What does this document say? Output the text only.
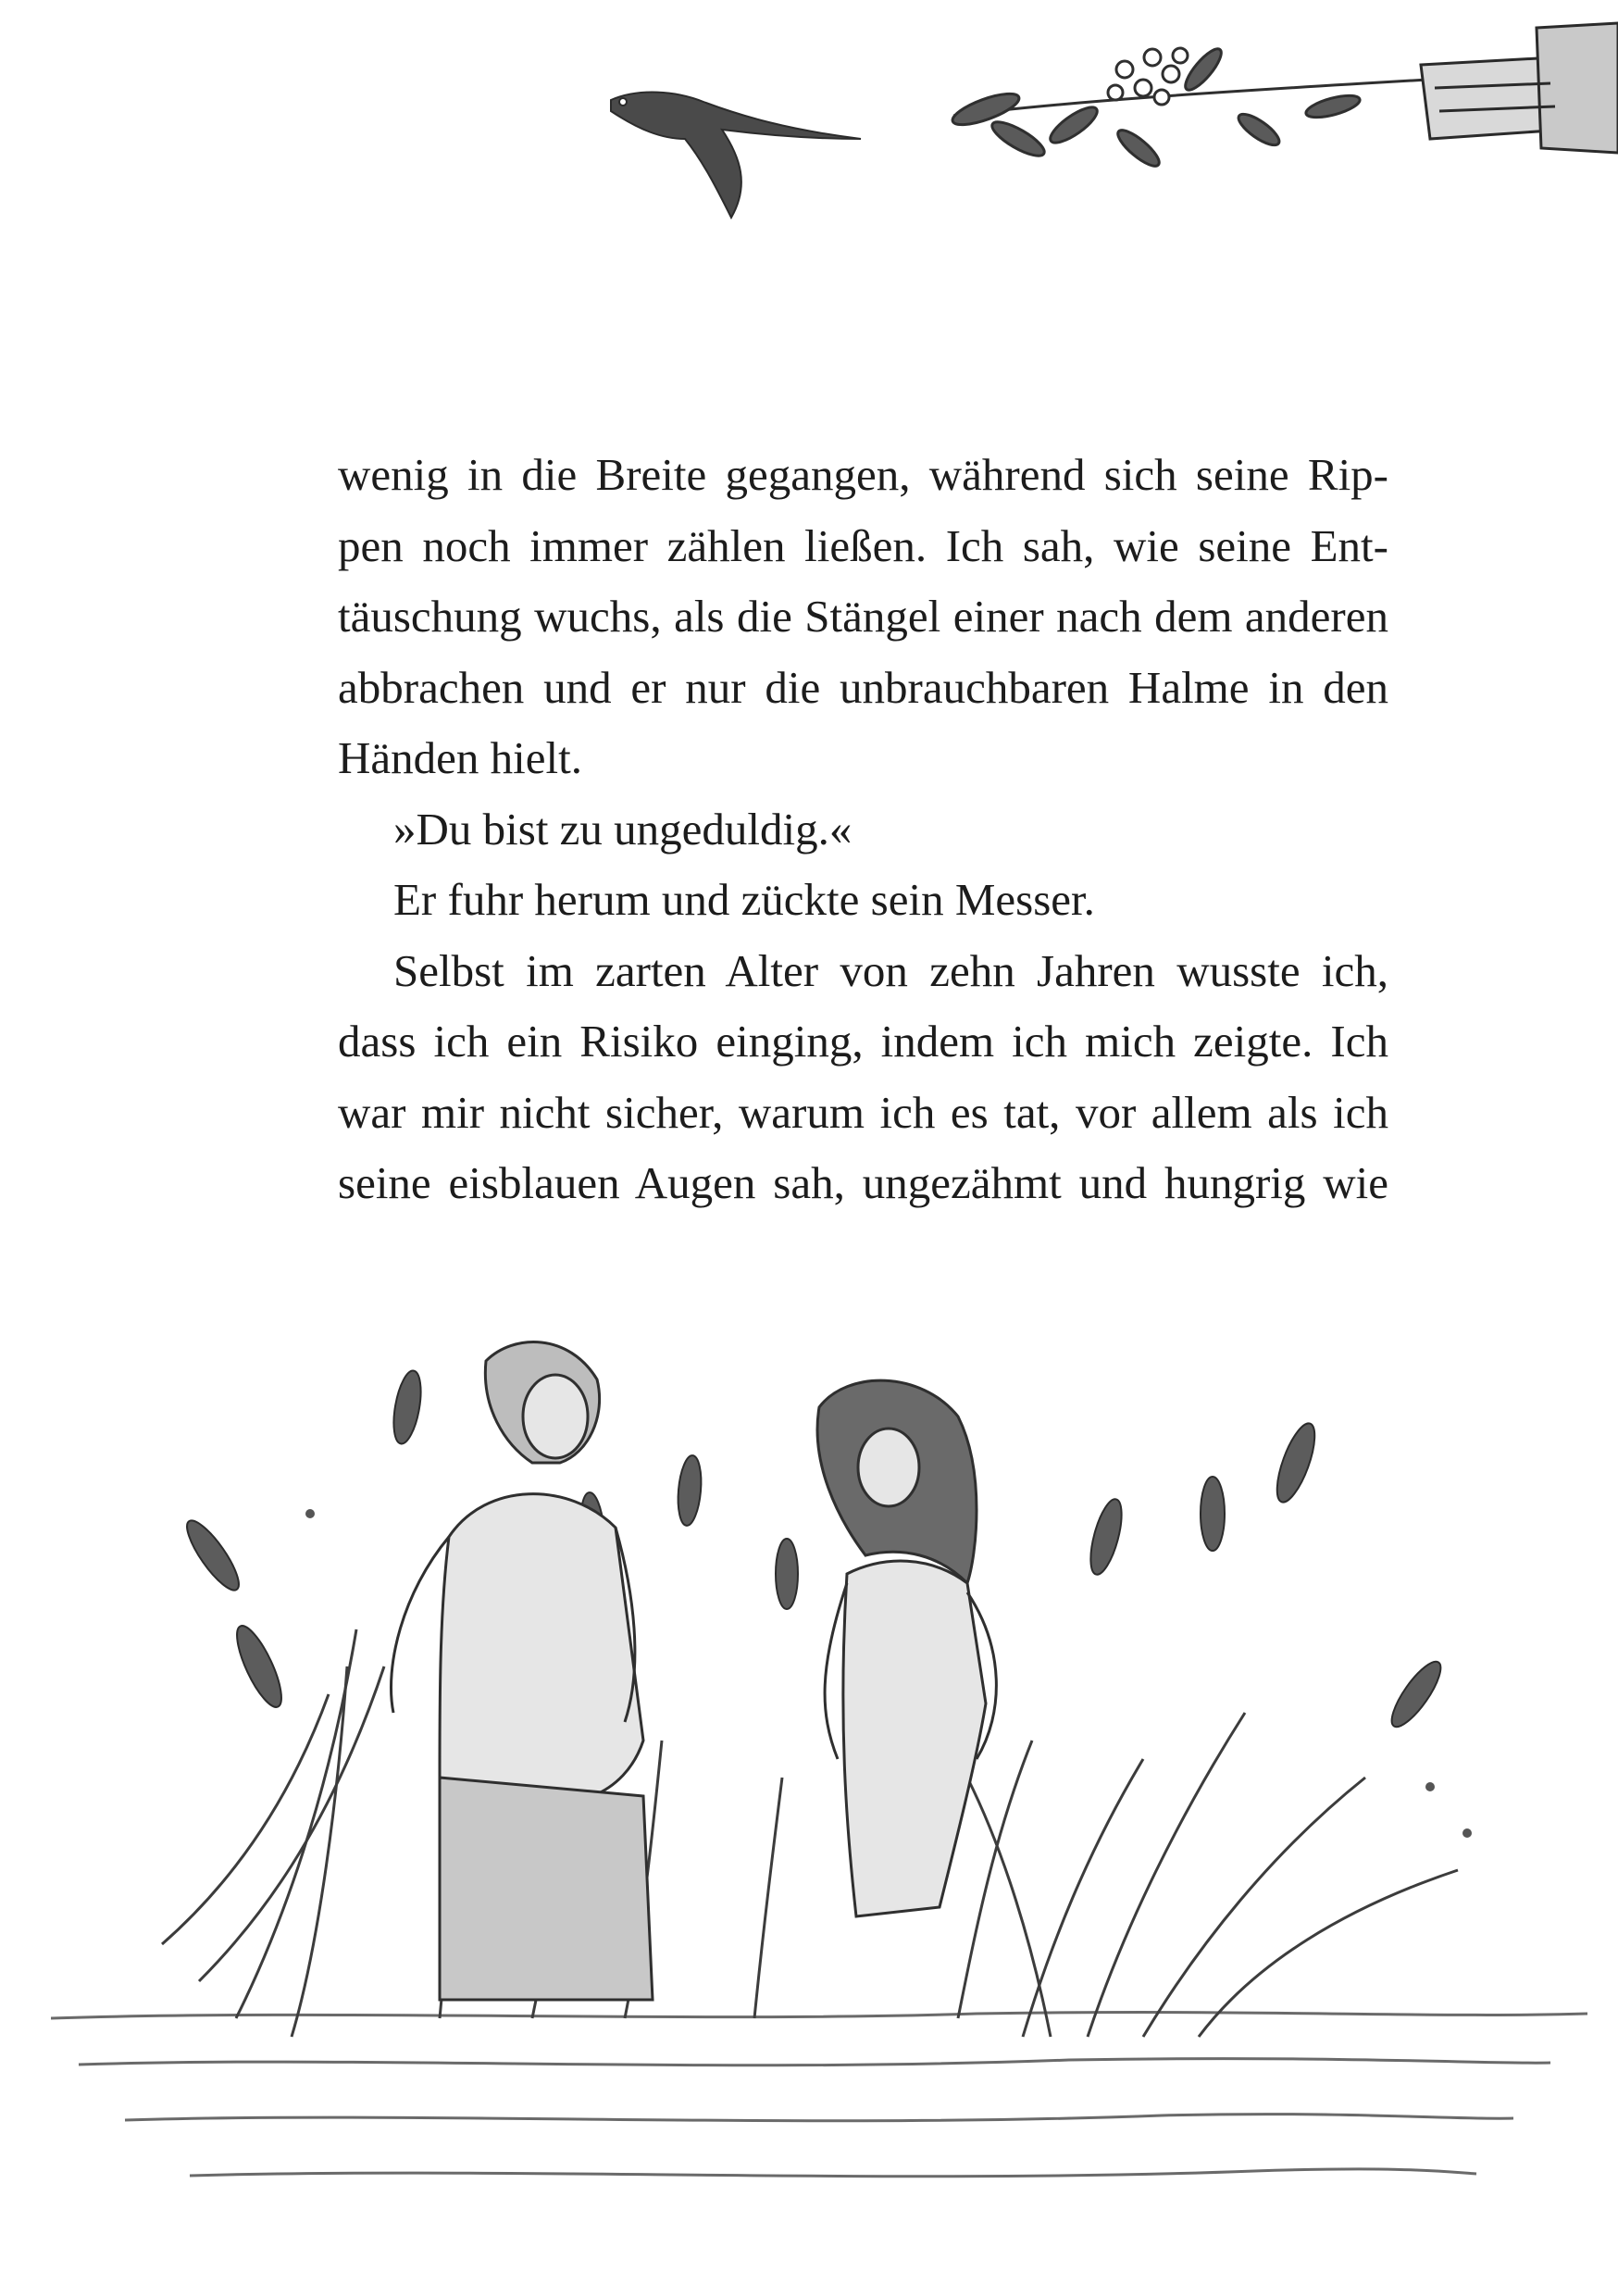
wenig in die Breite gegangen, während sich seine Rip-
pen noch immer zählen ließen. Ich sah, wie seine Ent-
täuschung wuchs, als die Stängel einer nach dem anderen
abbrachen und er nur die unbrauchbaren Halme in den
Händen hielt.
»Du bist zu ungeduldig.«
Er fuhr herum und zückte sein Messer.
Selbst im zarten Alter von zehn Jahren wusste ich,
dass ich ein Risiko einging, indem ich mich zeigte. Ich
war mir nicht sicher, warum ich es tat, vor allem als ich
seine eisblauen Augen sah, ungezähmt und hungrig wie
